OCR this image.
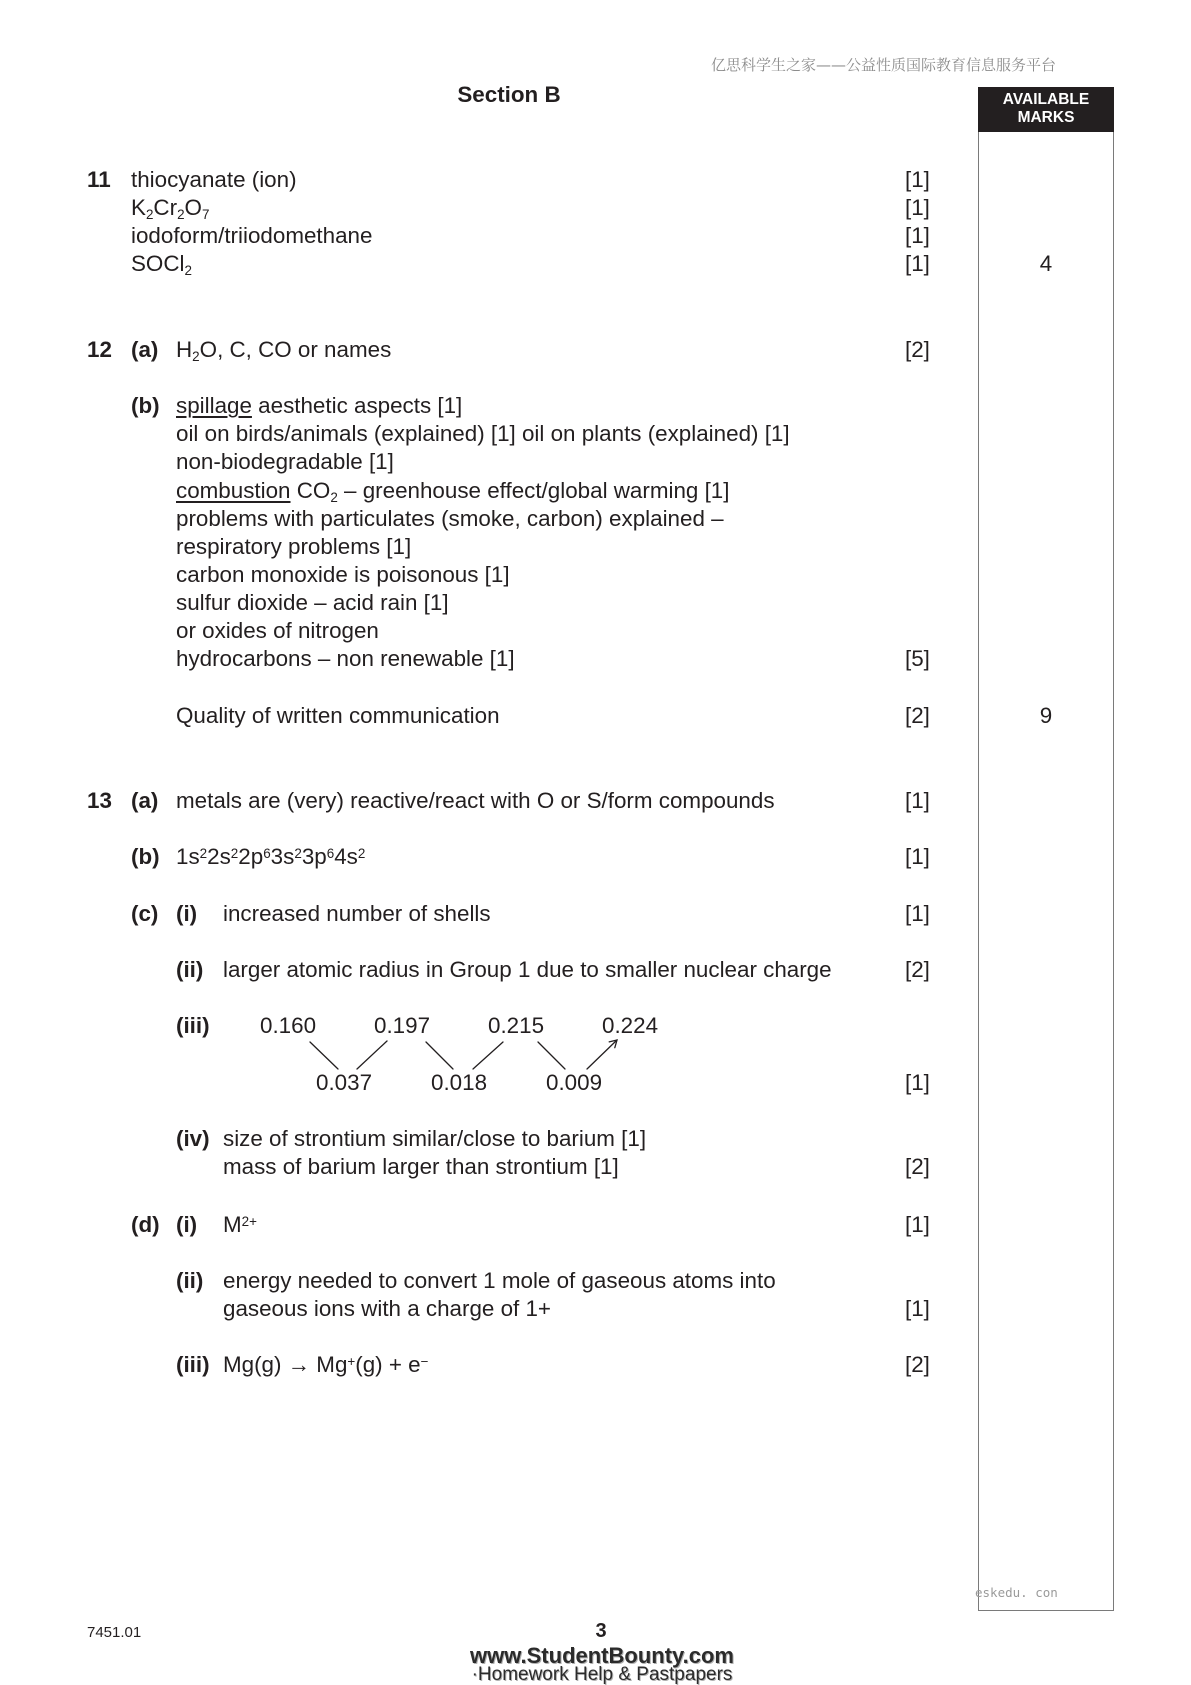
亿思科学生之家——公益性质国际教育信息服务平台
Section B	AVAILABLE
MARKS
11 thiocyanate (ion)	[1]
K2Cr2O7	[1]
iodoform/triiodomethane	[1]
SOCl2	[1]	4
12 (a) H2O, C, CO or names	[2]
(b) spillage aesthetic aspects [1]
oil on birds/animals (explained) [1] oil on plants (explained) [1]
non-biodegradable [1]
combustion CO2 – greenhouse effect/global warming [1]
problems with particulates (smoke, carbon) explained –
respiratory problems [1]
carbon monoxide is poisonous [1]
sulfur dioxide – acid rain [1]
or oxides of nitrogen
hydrocarbons – non renewable [1]	[5]
Quality of written communication	[2]	9
13 (a) metals are (very) reactive/react with O or S/form compounds	[1]
(b) $1s^22s^22p^63s^23p^64s^2$	[1]
(c) (i) increased number of shells	[1]
(ii) larger atomic radius in Group 1 due to smaller nuclear charge	[2]
(iii) 0.160	0.197	0.215	0.224
0.037	0.018	0.009	[1]
(iv) size of strontium similar/close to barium [1]
mass of barium larger than strontium [1]	[2]
(d) (i) $M^{2+}$	[1]
(ii) energy needed to convert 1 mole of gaseous atoms into
gaseous ions with a charge of 1+	[1]
(iii) Mg(g) → Mg+(g) + e−	[2]
eskedu. con
7451.01	3
www.StudentBounty.com
·Homework Help & Pastpapers
